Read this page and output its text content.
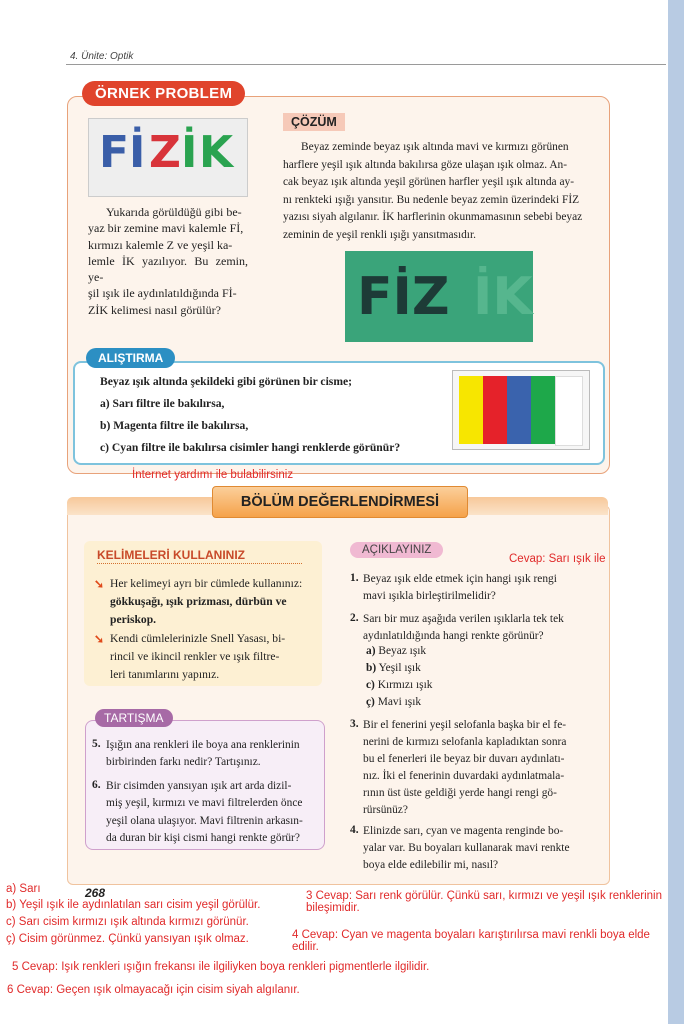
4. Ünite: Optik
ÖRNEK PROBLEM
F İ Z İ K
Yukarıda görüldüğü gibi be-
yaz bir zemine mavi kalemle Fİ,
kırmızı kalemle Z ve yeşil ka-
lemle İK yazılıyor. Bu zemin, ye-
şil ışık ile aydınlatıldığında Fİ-
ZİK kelimesi nasıl görülür?
ÇÖZÜM
Beyaz zeminde beyaz ışık altında mavi ve kırmızı görünen
harflere yeşil ışık altında bakılırsa göze ulaşan ışık olmaz. An-
cak beyaz ışık altında yeşil görünen harfler yeşil ışık altında ay-
nı renkteki ışığı yansıtır. Bu nedenle beyaz zemin üzerindeki FİZ
yazısı siyah algılanır. İK harflerinin okunmamasının sebebi beyaz
zeminin de yeşil renkli ışığı yansıtmasıdır.
FİZ İK
ALIŞTIRMA
Beyaz ışık altında şekildeki gibi görünen bir cisme;
a) Sarı filtre ile bakılırsa,
b) Magenta filtre ile bakılırsa,
c) Cyan filtre ile bakılırsa cisimler hangi renklerde görünür?
İnternet yardımı ile bulabilirsiniz
BÖLÜM DEĞERLENDİRMESİ
KELİMELERİ KULLANINIZ
➘ Her kelimeyi ayrı bir cümlede kullanınız:
gökkuşağı, ışık prizması, dürbün ve
periskop.
➘ Kendi cümlelerinizle Snell Yasası, bi-
rincil ve ikincil renkler ve ışık filtre-
leri tanımlarını yapınız.
TARTIŞMA
5. Işığın ana renkleri ile boya ana renklerinin
birbirinden farkı nedir? Tartışınız.
6. Bir cisimden yansıyan ışık art arda dizil-
miş yeşil, kırmızı ve mavi filtrelerden önce
yeşil olana ulaşıyor. Mavi filtrenin arkasın-
da duran bir kişi cismi hangi renkte görür?
AÇIKLAYINIZ
Cevap: Sarı ışık ile
1. Beyaz ışık elde etmek için hangi ışık rengi
mavi ışıkla birleştirilmelidir?
2. Sarı bir muz aşağıda verilen ışıklarla tek tek
aydınlatıldığında hangi renkte görünür?
a) Beyaz ışık
b) Yeşil ışık
c) Kırmızı ışık
ç) Mavi ışık
3. Bir el fenerini yeşil selofanla başka bir el fe-
nerini de kırmızı selofanla kapladıktan sonra
bu el fenerleri ile beyaz bir duvarı aydınlatı-
nız. İki el fenerinin duvardaki aydınlatmala-
rının üst üste geldiği yerde hangi rengi gö-
rürsünüz?
4. Elinizde sarı, cyan ve magenta renginde bo-
yalar var. Bu boyaları kullanarak mavi renkte
boya elde edilebilir mi, nasıl?
268
a) Sarı
b) Yeşil ışık ile aydınlatılan sarı cisim yeşil görülür.
c) Sarı cisim kırmızı ışık altında kırmızı görünür.
ç) Cisim görünmez. Çünkü yansıyan ışık olmaz.
3 Cevap: Sarı renk görülür. Çünkü sarı, kırmızı ve yeşil ışık renklerinin
bileşimidir.
4 Cevap: Cyan ve magenta boyaları karıştırılırsa mavi renkli boya elde
edilir.
5 Cevap: Işık renkleri ışığın frekansı ile ilgiliyken boya renkleri pigmentlerle ilgilidir.
6 Cevap: Geçen ışık olmayacağı için cisim siyah algılanır.
